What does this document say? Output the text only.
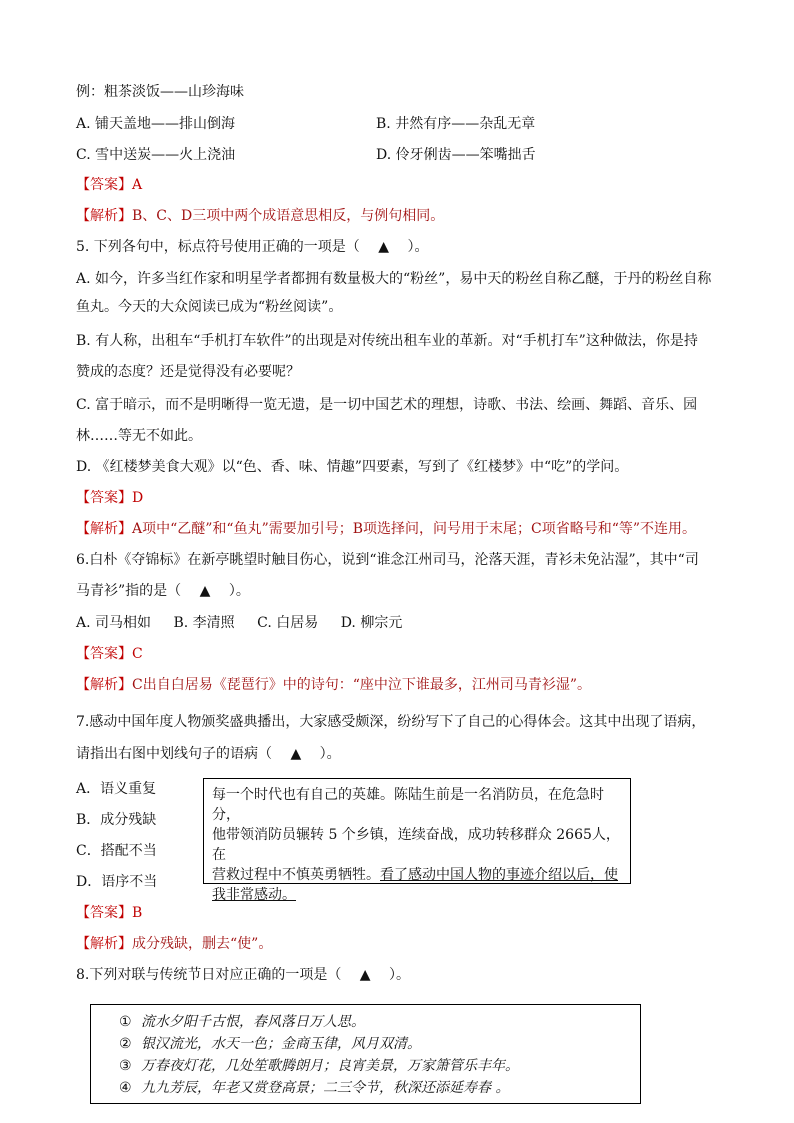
例：粗茶淡饭——山珍海味
A. 铺天盖地——排山倒海	B. 井然有序——杂乱无章
C. 雪中送炭——火上浇油	D. 伶牙俐齿——笨嘴拙舌
【答案】A
【解析】B、C、D三项中两个成语意思相反，与例句相同。
5. 下列各句中，标点符号使用正确的一项是（　 ▲　 ）。
A. 如今，许多当红作家和明星学者都拥有数量极大的“粉丝”，易中天的粉丝自称乙醚，于丹的粉丝自称
鱼丸。今天的大众阅读已成为“粉丝阅读”。
B. 有人称，出租车“手机打车软件”的出现是对传统出租车业的革新。对“手机打车”这种做法，你是持
赞成的态度？还是觉得没有必要呢？
C. 富于暗示，而不是明晰得一览无遗，是一切中国艺术的理想，诗歌、书法、绘画、舞蹈、音乐、园
林……等无不如此。
D. 《红楼梦美食大观》以“色、香、味、情趣”四要素，写到了《红楼梦》中“吃”的学问。
【答案】D
【解析】A项中“乙醚”和“鱼丸”需要加引号；B项选择问，问号用于末尾；C项省略号和“等”不连用。
6.白朴《夺锦标》在新亭眺望时触目伤心，说到“谁念江州司马，沦落天涯，青衫未免沾湿”，其中“司
马青衫”指的是（　 ▲　 ）。
A. 司马相如 B. 李清照 C. 白居易 D. 柳宗元
【答案】C
【解析】C出自白居易《琵琶行》中的诗句：“座中泣下谁最多，江州司马青衫湿”。
7.感动中国年度人物颁奖盛典播出，大家感受颇深，纷纷写下了自己的心得体会。这其中出现了语病，
请指出右图中划线句子的语病（　 ▲　 ）。
A．语义重复
B．成分残缺
C．搭配不当
D．语序不当
每一个时代也有自己的英雄。陈陆生前是一名消防员，在危急时分，
他带领消防员辗转 5 个乡镇，连续奋战，成功转移群众 2665人，在
营救过程中不慎英勇牺牲。看了感动中国人物的事迹介绍以后，使
我非常感动。
【答案】B
【解析】成分残缺，删去“使”。
8.下列对联与传统节日对应正确的一项是（　 ▲　 ）。
① 流水夕阳千古恨，春风落日万人思。
② 银汉流光，水天一色；金商玉律，风月双清。
③ 万春夜灯花，几处笙歌腾朗月；良宵美景，万家箫管乐丰年。
④ 九九芳辰，年老又赏登高景；二三令节，秋深还添延寿春 。
